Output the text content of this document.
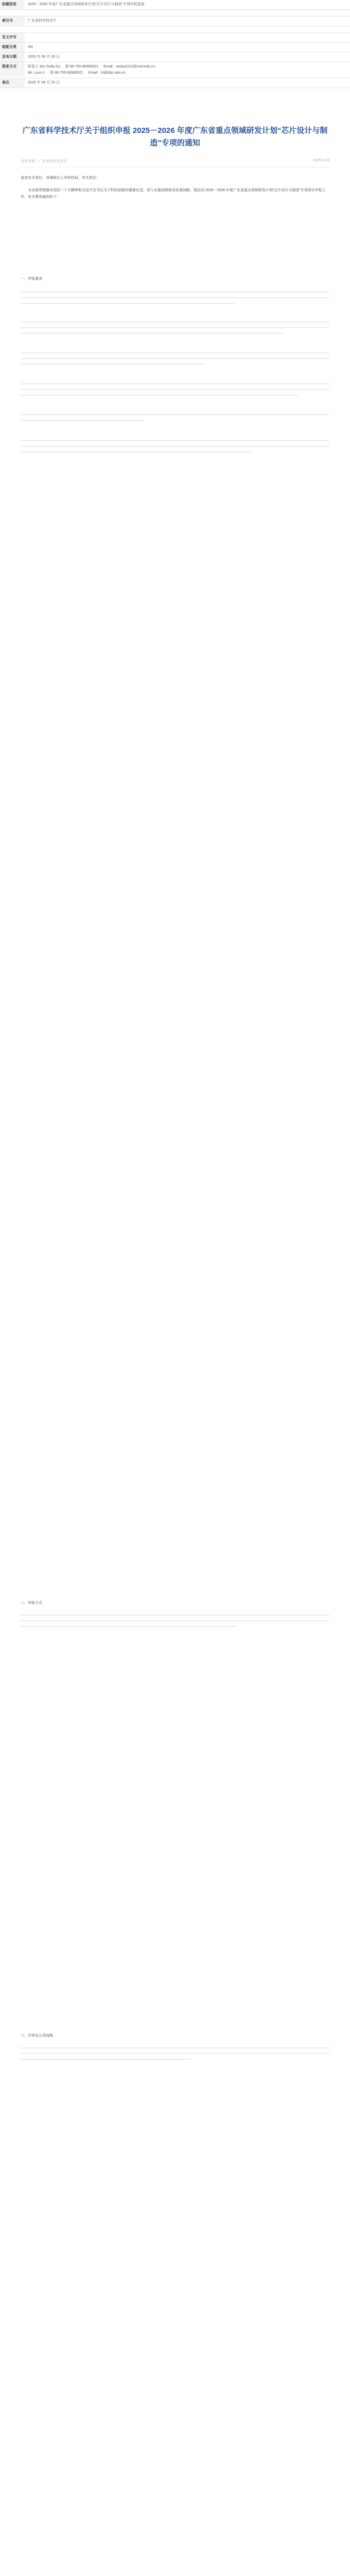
标题信息	2025－2026 年度广东省重点领域研发计划“芯片设计与制造”专项申报指南
索引号	广东省科学技术厅
发文字号
组配分类	SN
发布日期	2025 年 06 月 29 日
联系方式	联系人 Wu Dodo Du 联 86-755-86585531 Email：wodu2222@cmd.edu.cn
Mr. Lunn-1 联 86-755-86585521 Email：lcl@zbc.edu.cn
备注	2025 年 06 月 29 日
广东省科学技术厅关于组织申报 2025－2026 年度广东省重点领域研发计划“芯片设计与制造”专项的通知
信息来源：广东省科学技术厅	2025-4-29
省直有关单位，各地级以上市科技局，有关单位：
为全面贯彻落实党的二十大精神和习近平总书记关于科技创新的重要论述，深入实施创新驱动发展战略，现启动 2025－2026 年度广东省重点领域研发计划“芯片设计与制造”专项项目申报工作，有关事项通知如下：
一、申报要求
二、申报方式
三、评审及立项流程
